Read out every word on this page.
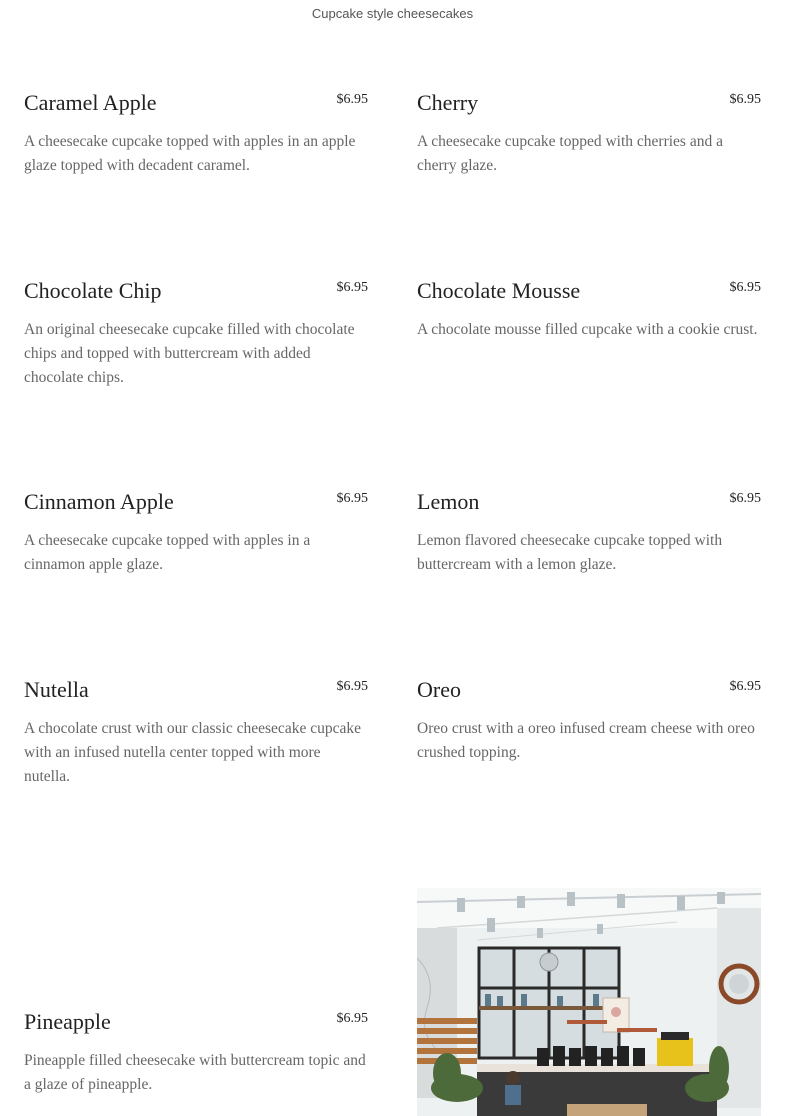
Cupcake style cheesecakes
Caramel Apple	$6.95
A cheesecake cupcake topped with apples in an apple glaze topped with decadent caramel.
Cherry	$6.95
A cheesecake cupcake topped with cherries and a cherry glaze.
Chocolate Chip	$6.95
An original cheesecake cupcake filled with chocolate chips and topped with buttercream with added chocolate chips.
Chocolate Mousse	$6.95
A chocolate mousse filled cupcake with a cookie crust.
Cinnamon Apple	$6.95
A cheesecake cupcake topped with apples in a cinnamon apple glaze.
Lemon	$6.95
Lemon flavored cheesecake cupcake topped with buttercream with a lemon glaze.
Nutella	$6.95
A chocolate crust with our classic cheesecake cupcake with an infused nutella center topped with more nutella.
Oreo	$6.95
Oreo crust with a oreo infused cream cheese with oreo crushed topping.
Pineapple	$6.95
Pineapple filled cheesecake with buttercream topic and a glaze of pineapple.
